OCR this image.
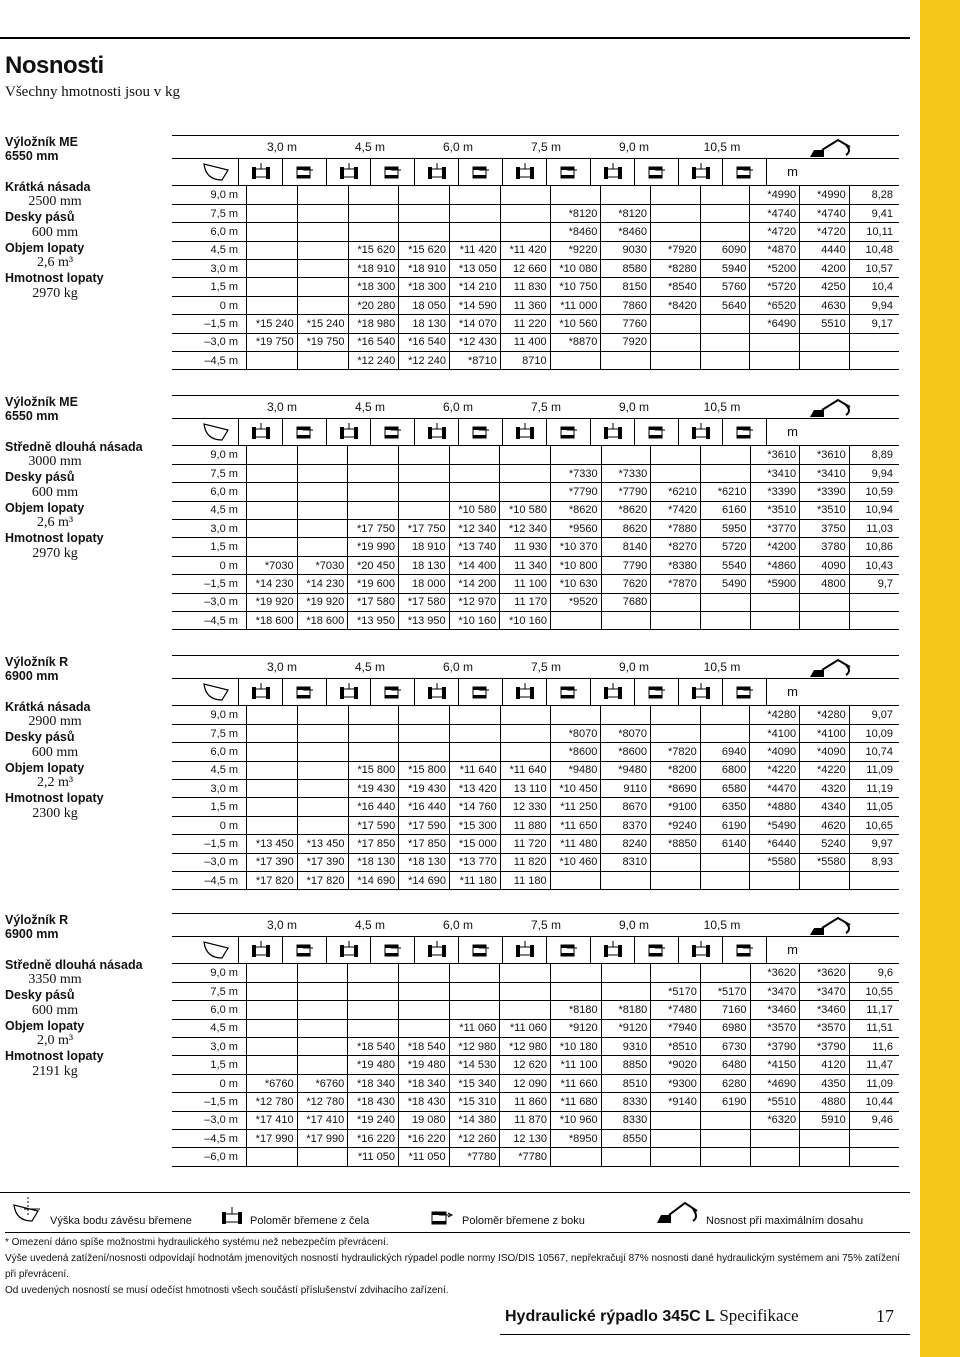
Nosnosti
Všechny hmotnosti jsou v kg
Výložník ME
6550 mm
Krátká násada
2500 mm
Desky pásů
600 mm
Objem lopaty
2,6 m³
Hmotnost lopaty
2970 kg
3,0 m	4,5 m	6,0 m	7,5 m	9,0 m	10,5 m
m
9,0 m											*4990	*4990	8,28
7,5 m							*8120	*8120			*4740	*4740	9,41
6,0 m							*8460	*8460			*4720	*4720	10,11
4,5 m			*15 620	*15 620	*11 420	*11 420	*9220	9030	*7920	6090	*4870	4440	10,48
3,0 m			*18 910	*18 910	*13 050	12 660	*10 080	8580	*8280	5940	*5200	4200	10,57
1,5 m			*18 300	*18 300	*14 210	11 830	*10 750	8150	*8540	5760	*5720	4250	10,4
0 m			*20 280	18 050	*14 590	11 360	*11 000	7860	*8420	5640	*6520	4630	9,94
–1,5 m	*15 240	*15 240	*18 980	18 130	*14 070	11 220	*10 560	7760			*6490	5510	9,17
–3,0 m	*19 750	*19 750	*16 540	*16 540	*12 430	11 400	*8870	7920					
–4,5 m			*12 240	*12 240	*8710	8710							
Výložník ME
6550 mm
Středně dlouhá násada
3000 mm
Desky pásů
600 mm
Objem lopaty
2,6 m³
Hmotnost lopaty
2970 kg
3,0 m	4,5 m	6,0 m	7,5 m	9,0 m	10,5 m
m
9,0 m											*3610	*3610	8,89
7,5 m							*7330	*7330			*3410	*3410	9,94
6,0 m							*7790	*7790	*6210	*6210	*3390	*3390	10,59
4,5 m					*10 580	*10 580	*8620	*8620	*7420	6160	*3510	*3510	10,94
3,0 m			*17 750	*17 750	*12 340	*12 340	*9560	8620	*7880	5950	*3770	3750	11,03
1,5 m			*19 990	18 910	*13 740	11 930	*10 370	8140	*8270	5720	*4200	3780	10,86
0 m	*7030	*7030	*20 450	18 130	*14 400	11 340	*10 800	7790	*8380	5540	*4860	4090	10,43
–1,5 m	*14 230	*14 230	*19 600	18 000	*14 200	11 100	*10 630	7620	*7870	5490	*5900	4800	9,7
–3,0 m	*19 920	*19 920	*17 580	*17 580	*12 970	11 170	*9520	7680					
–4,5 m	*18 600	*18 600	*13 950	*13 950	*10 160	*10 160							
Výložník R
6900 mm
Krátká násada
2900 mm
Desky pásů
600 mm
Objem lopaty
2,2 m³
Hmotnost lopaty
2300 kg
3,0 m	4,5 m	6,0 m	7,5 m	9,0 m	10,5 m
m
9,0 m											*4280	*4280	9,07
7,5 m							*8070	*8070			*4100	*4100	10,09
6,0 m							*8600	*8600	*7820	6940	*4090	*4090	10,74
4,5 m			*15 800	*15 800	*11 640	*11 640	*9480	*9480	*8200	6800	*4220	*4220	11,09
3,0 m			*19 430	*19 430	*13 420	13 110	*10 450	9110	*8690	6580	*4470	4320	11,19
1,5 m			*16 440	*16 440	*14 760	12 330	*11 250	8670	*9100	6350	*4880	4340	11,05
0 m			*17 590	*17 590	*15 300	11 880	*11 650	8370	*9240	6190	*5490	4620	10,65
–1,5 m	*13 450	*13 450	*17 850	*17 850	*15 000	11 720	*11 480	8240	*8850	6140	*6440	5240	9,97
–3,0 m	*17 390	*17 390	*18 130	*18 130	*13 770	11 820	*10 460	8310			*5580	*5580	8,93
–4,5 m	*17 820	*17 820	*14 690	*14 690	*11 180	11 180							
Výložník R
6900 mm
Středně dlouhá násada
3350 mm
Desky pásů
600 mm
Objem lopaty
2,0 m³
Hmotnost lopaty
2191 kg
3,0 m	4,5 m	6,0 m	7,5 m	9,0 m	10,5 m
m
9,0 m											*3620	*3620	9,6
7,5 m									*5170	*5170	*3470	*3470	10,55
6,0 m							*8180	*8180	*7480	7160	*3460	*3460	11,17
4,5 m					*11 060	*11 060	*9120	*9120	*7940	6980	*3570	*3570	11,51
3,0 m			*18 540	*18 540	*12 980	*12 980	*10 180	9310	*8510	6730	*3790	*3790	11,6
1,5 m			*19 480	*19 480	*14 530	12 620	*11 100	8850	*9020	6480	*4150	4120	11,47
0 m	*6760	*6760	*18 340	*18 340	*15 340	12 090	*11 660	8510	*9300	6280	*4690	4350	11,09
–1,5 m	*12 780	*12 780	*18 430	*18 430	*15 310	11 860	*11 680	8330	*9140	6190	*5510	4880	10,44
–3,0 m	*17 410	*17 410	*19 240	19 080	*14 380	11 870	*10 960	8330			*6320	5910	9,46
–4,5 m	*17 990	*17 990	*16 220	*16 220	*12 260	12 130	*8950	8550					
–6,0 m			*11 050	*11 050	*7780	*7780							
Výška bodu závěsu břemene	Poloměr břemene z čela	Poloměr břemene z boku	Nosnost při maximálním dosahu
* Omezení dáno spíše možnostmi hydraulického systému než nebezpečím převrácení.
Výše uvedená zatížení/nosnosti odpovídají hodnotám jmenovitých nosností hydraulických rýpadel podle normy ISO/DIS 10567, nepřekračují 87% nosnosti dané hydraulickým systémem ani 75% zatížení při převrácení.
Od uvedených nosností se musí odečíst hmotnosti všech součástí příslušenství zdvihacího zařízení.
Hydraulické rýpadlo 345C L Specifikace	17
